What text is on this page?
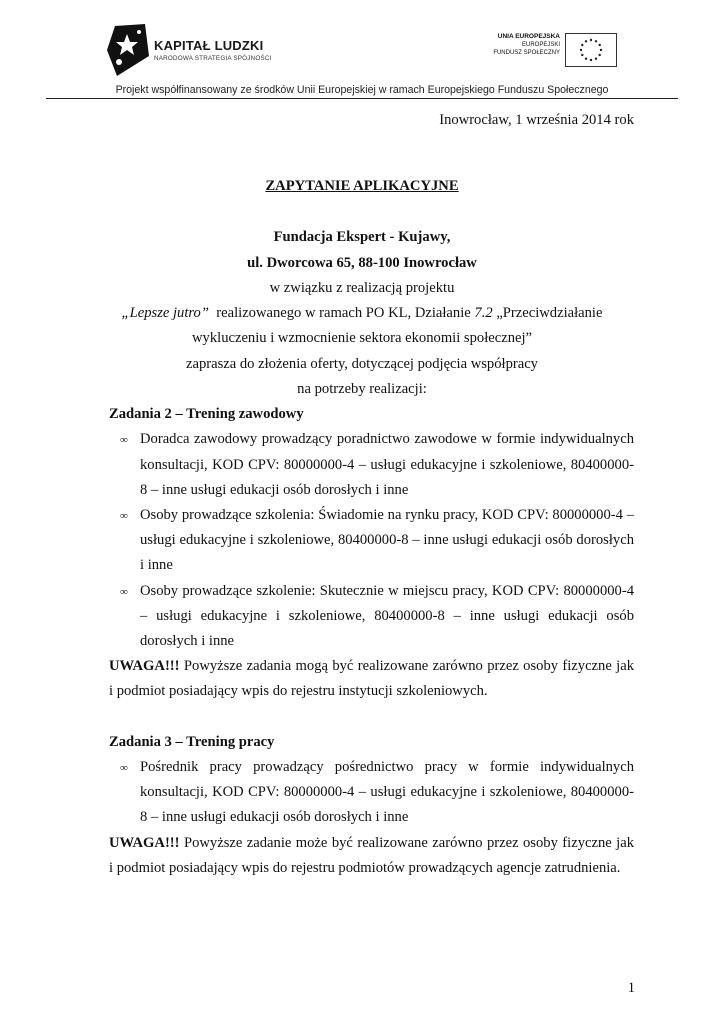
KAPITAŁ LUDZKI
NARODOWA STRATEGIA SPÓJNOŚCI
UNIA EUROPEJSKA
EUROPEJSKI
FUNDUSZ SPOŁECZNY
Projekt współfinansowany ze środków Unii Europejskiej w ramach Europejskiego Funduszu Społecznego
Inowrocław, 1 września 2014 rok
ZAPYTANIE APLIKACYJNE
Fundacja Ekspert - Kujawy,
ul. Dworcowa 65, 88-100 Inowrocław
w związku z realizacją projektu
„Lepsze jutro” realizowanego w ramach PO KL, Działanie 7.2 „Przeciwdziałanie
wykluczeniu i wzmocnienie sektora ekonomii społecznej”
zaprasza do złożenia oferty, dotyczącej podjęcia współpracy
na potrzeby realizacji:
Zadania 2 – Trening zawodowy
∞ Doradca zawodowy prowadzący poradnictwo zawodowe w formie indywidualnych
konsultacji, KOD CPV: 80000000-4 – usługi edukacyjne i szkoleniowe, 80400000-
8 – inne usługi edukacji osób dorosłych i inne
∞ Osoby prowadzące szkolenia: Świadomie na rynku pracy, KOD CPV: 80000000-4 –
usługi edukacyjne i szkoleniowe, 80400000-8 – inne usługi edukacji osób dorosłych
i inne
∞ Osoby prowadzące szkolenie: Skutecznie w miejscu pracy, KOD CPV: 80000000-4
– usługi edukacyjne i szkoleniowe, 80400000-8 – inne usługi edukacji osób
dorosłych i inne
UWAGA!!! Powyższe zadania mogą być realizowane zarówno przez osoby fizyczne jak
i podmiot posiadający wpis do rejestru instytucji szkoleniowych.
Zadania 3 – Trening pracy
∞ Pośrednik pracy prowadzący pośrednictwo pracy w formie indywidualnych
konsultacji, KOD CPV: 80000000-4 – usługi edukacyjne i szkoleniowe, 80400000-
8 – inne usługi edukacji osób dorosłych i inne
UWAGA!!! Powyższe zadanie może być realizowane zarówno przez osoby fizyczne jak
i podmiot posiadający wpis do rejestru podmiotów prowadzących agencje zatrudnienia.
1
